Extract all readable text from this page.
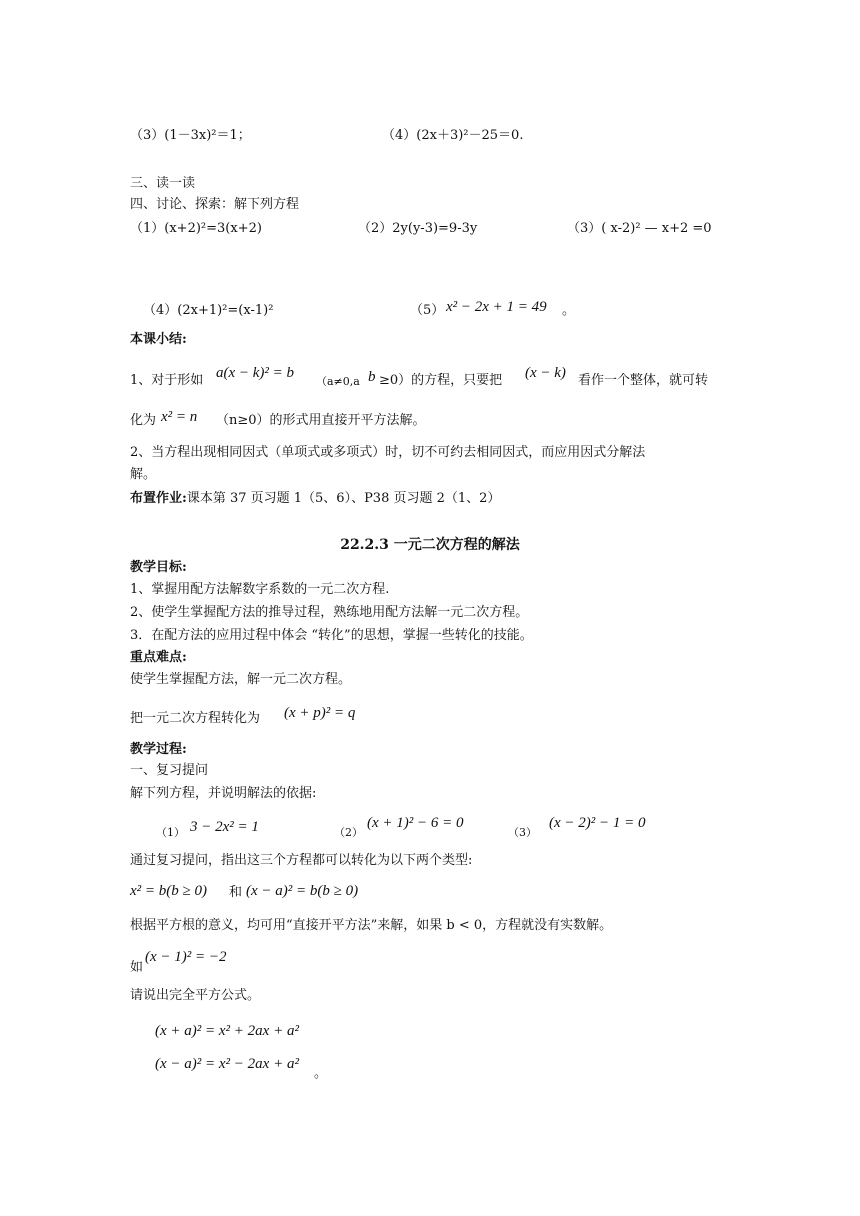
（3）(1－3x)²＝1；	（4）(2x＋3)²－25＝0.
三、读一读
四、讨论、探索：解下列方程
（1）(x+2)²=3(x+2)	（2）2y(y-3)=9-3y	（3）( x-2)² — x+2 =0
（4）(2x+1)²=(x-1)²	（5） x² − 2x + 1 = 49 。
本课小结:
1、对于形如 a(x − k)² = b
（a≠0,a b ≥0）的方程，只要把 (x − k) 看作一个整体，就可转
化为 x² = n （n≥0）的形式用直接开平方法解。
2、当方程出现相同因式（单项式或多项式）时，切不可约去相同因式，而应用因式分解法
解。
布置作业:课本第 37 页习题 1（5、6）、P38 页习题 2（1、2）
22.2.3 一元二次方程的解法
教学目标:
1、掌握用配方法解数字系数的一元二次方程.
2、使学生掌握配方法的推导过程，熟练地用配方法解一元二次方程。
3．在配方法的应用过程中体会 “转化”的思想，掌握一些转化的技能。
重点难点:
使学生掌握配方法，解一元二次方程。
把一元二次方程转化为 (x + p)² = q
教学过程:
一、复习提问
解下列方程，并说明解法的依据:
（1） 3 − 2x² = 1	（2）
(x + 1)² − 6 = 0
（3）
(x − 2)² − 1 = 0
通过复习提问，指出这三个方程都可以转化为以下两个类型:
x² = b(b ≥ 0) 和 (x − a)² = b(b ≥ 0)
根据平方根的意义，均可用“直接开平方法”来解，如果 b < 0，方程就没有实数解。
如
(x − 1)² = −2
请说出完全平方公式。
(x + a)² = x² + 2ax + a²
(x − a)² = x² − 2ax + a²
。
